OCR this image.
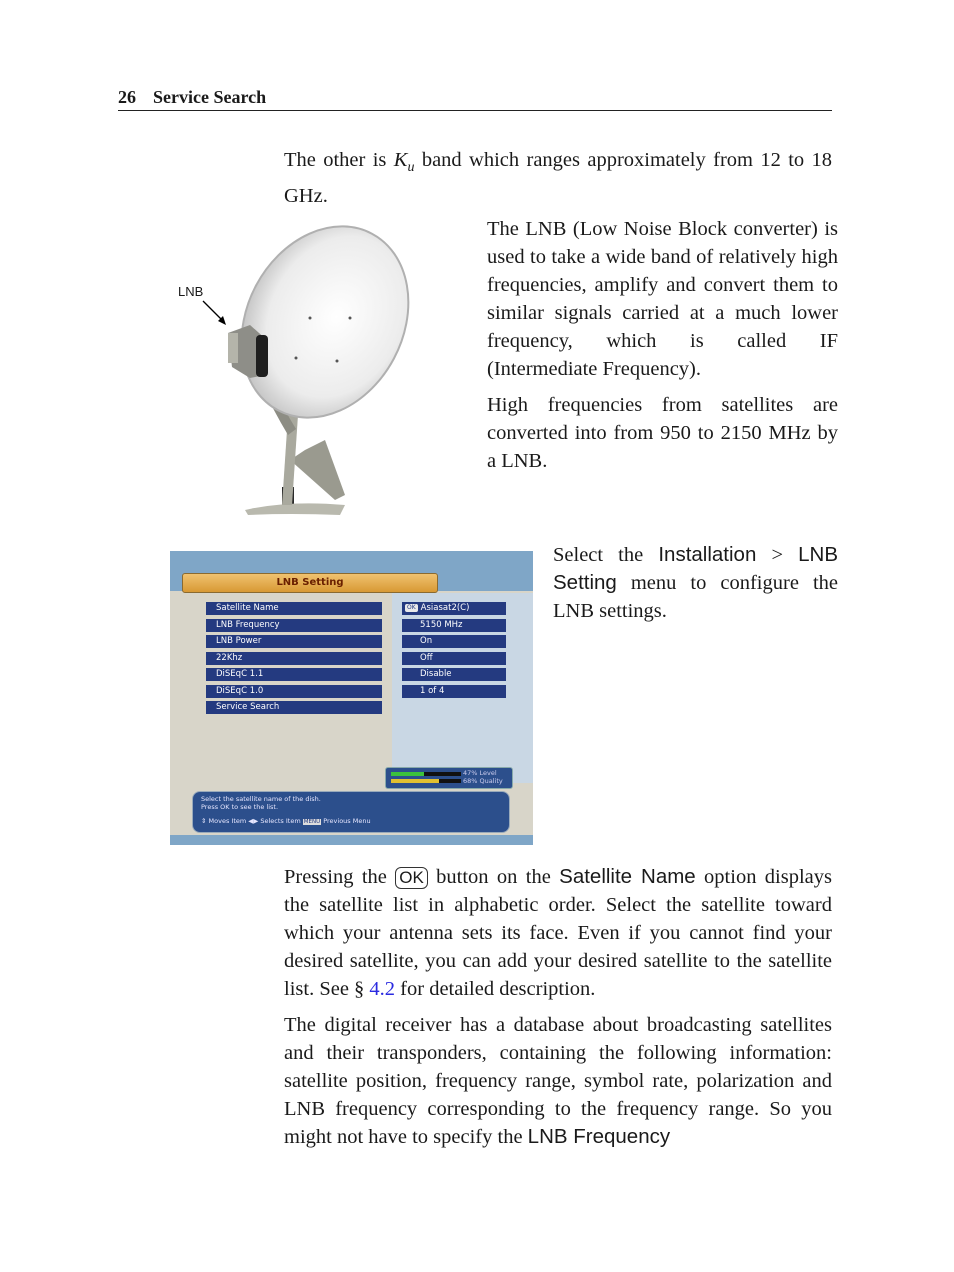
26 Service Search

The other is $K_u$ band which ranges approximately from 12 to 18 GHz.

LNB

The LNB (Low Noise Block converter) is used to take a wide band of relatively high frequencies, amplify and convert them to similar signals carried at a much lower frequency, which is called IF (Intermediate Frequency).

High frequencies from satellites are converted into from 950 to 2150 MHz by a LNB.

LNB Setting
Satellite Name
LNB Frequency
LNB Power
22Khz
DiSEqC 1.1
DiSEqC 1.0
Service Search
OK Asiasat2(C)
5150 MHz
On
Off
Disable
1 of 4
47% Level
68% Quality
Select the satellite name of the dish.
Press OK to see the list.
⇕ Moves Item ◀▶ Selects Item MENU Previous Menu

Select the Installation > LNB Setting menu to configure the LNB settings.

Pressing the OK button on the Satellite Name option displays the satellite list in alphabetic order. Select the satellite toward which your antenna sets its face. Even if you cannot find your desired satellite, you can add your desired satellite to the satellite list. See § 4.2 for detailed description.

The digital receiver has a database about broadcasting satellites and their transponders, containing the following information: satellite position, frequency range, symbol rate, polarization and LNB frequency corresponding to the frequency range. So you might not have to specify the LNB Frequency
